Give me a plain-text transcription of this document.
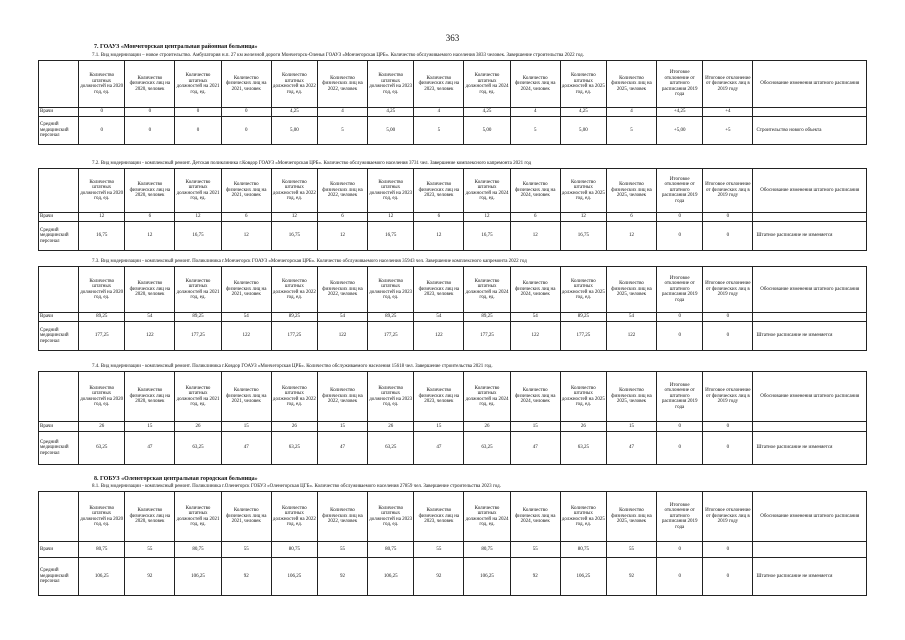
363
7. ГОАУЗ «Мончегорская центральная районная больница»
7.1. Вид модернизации – новое строительство. Амбулатория н.п. 27 км железной дороги Мончегорск-Оленья ГОАУЗ «Мончегорская ЦРБ». Количество обслуживаемого населения 3833 человек. Завершение строительства 2022 год.
	Количество штатных должностей на 2020 год, ед.	Количество физических лиц на 2020, человек	Количество штатных должностей на 2021 год, ед.	Количество физических лиц на 2021, человек	Количество штатных должностей на 2022 год, ед.	Количество физических лиц на 2022, человек	Количество штатных должностей на 2023 год, ед.	Количество физических лиц на 2023, человек	Количество штатных должностей на 2024 год, ед.	Количество физических лиц на 2024, человек	Количество штатных должностей на 2025 год, ед.	Количество физических лиц на 2025, человек	Итоговое отклонение от штатного расписания 2019 года	Итоговое отклонение от физических лиц в 2019 году	Обоснование изменения штатного расписания
Врачи	0	0	0	0	4,25	4	4,25	4	4,25	4	4,25	4	+4,25	+4	
Средний медицинский персонал	0	0	0	0	5,00	5	5,00	5	5,00	5	5,00	5	+5,00	+5	Строительство нового объекта
7.2. Вид модернизации - комплексный ремонт. Детская поликлиника г.Ковдор ГОАУЗ «Мончегорская ЦРБ». Количество обслуживаемого населения 3731 чел. Завершение комплексного капремонта 2021 год
	Количество штатных должностей на 2020 год, ед.	Количество физических лиц на 2020, человек	Количество штатных должностей на 2021 год, ед.	Количество физических лиц на 2021, человек	Количество штатных должностей на 2022 год, ед.	Количество физических лиц на 2022, человек	Количество штатных должностей на 2023 год, ед.	Количество физических лиц на 2023, человек	Количество штатных должностей на 2024 год, ед.	Количество физических лиц на 2024, человек	Количество штатных должностей на 2025 год, ед.	Количество физических лиц на 2025, человек	Итоговое отклонение от штатного расписания 2019 года	Итоговое отклонение от физических лиц в 2019 году	Обоснование изменения штатного расписания
Врачи	12	6	12	6	12	6	12	6	12	6	12	6	0	0	
Средний медицинский персонал	16,75	12	16,75	12	16,75	12	16,75	12	16,75	12	16,75	12	0	0	Штатное расписание не изменяется
7.3. Вид модернизации - комплексный ремонт. Поликлиника г.Мончегорск ГОАУЗ «Мончегорская ЦРБ». Количество обслуживаемого населения 35943 чел. Завершение комплексного капремонта 2022 год
	Количество штатных должностей на 2020 год, ед.	Количество физических лиц на 2020, человек	Количество штатных должностей на 2021 год, ед.	Количество физических лиц на 2021, человек	Количество штатных должностей на 2022 год, ед.	Количество физических лиц на 2022, человек	Количество штатных должностей на 2023 год, ед.	Количество физических лиц на 2023, человек	Количество штатных должностей на 2024 год, ед.	Количество физических лиц на 2024, человек	Количество штатных должностей на 2025 год, ед.	Количество физических лиц на 2025, человек	Итоговое отклонение от штатного расписания 2019 года	Итоговое отклонение от физических лиц в 2019 году	Обоснование изменения штатного расписания
Врачи	89,25	54	89,25	54	89,25	54	89,25	54	89,25	54	89,25	54	0	0	
Средний медицинский персонал	177,25	122	177,25	122	177,25	122	177,25	122	177,25	122	177,25	122	0	0	Штатное расписание не изменяется
7.4. Вид модернизации - комплексный ремонт. Поликлиника г.Ковдор ГОАУЗ «Мончегорская ЦРБ». Количество обслуживаемого населения 15618 чел. Завершение строительства 2021 год.
	Количество штатных должностей на 2020 год, ед.	Количество физических лиц на 2020, человек	Количество штатных должностей на 2021 год, ед.	Количество физических лиц на 2021, человек	Количество штатных должностей на 2022 год, ед.	Количество физических лиц на 2022, человек	Количество штатных должностей на 2023 год, ед.	Количество физических лиц на 2023, человек	Количество штатных должностей на 2024 год, ед.	Количество физических лиц на 2024, человек	Количество штатных должностей на 2025 год, ед.	Количество физических лиц на 2025, человек	Итоговое отклонение от штатного расписания 2019 года	Итоговое отклонение от физических лиц в 2019 году	Обоснование изменения штатного расписания
Врачи	26	15	26	15	26	15	26	15	26	15	26	15	0	0	
Средний медицинский персонал	63,25	47	63,25	47	63,25	47	63,25	47	63,25	47	63,25	47	0	0	Штатное расписание не изменяется
8. ГОБУЗ «Оленегорская центральная городская больница»
8.1. Вид модернизации - комплексный ремонт. Поликлиника г.Оленегорск ГОБУЗ «Оленегорская ЦГБ». Количество обслуживаемого населения 27859 чел. Завершение строительства 2023 год.
	Количество штатных должностей на 2020 год, ед.	Количество физических лиц на 2020, человек	Количество штатных должностей на 2021 год, ед.	Количество физических лиц на 2021, человек	Количество штатных должностей на 2022 год, ед.	Количество физических лиц на 2022, человек	Количество штатных должностей на 2023 год, ед.	Количество физических лиц на 2023, человек	Количество штатных должностей на 2024 год, ед.	Количество физических лиц на 2024, человек	Количество штатных должностей на 2025 год, ед.	Количество физических лиц на 2025, человек	Итоговое отклонение от штатного расписания 2019 года	Итоговое отклонение от физических лиц в 2019 году	Обоснование изменения штатного расписания
Врачи	80,75	55	80,75	55	80,75	55	80,75	55	80,75	55	80,75	55	0	0	
Средний медицинский персонал	106,25	92	106,25	92	106,25	92	106,25	92	106,25	92	106,25	92	0	0	Штатное расписание не изменяется
